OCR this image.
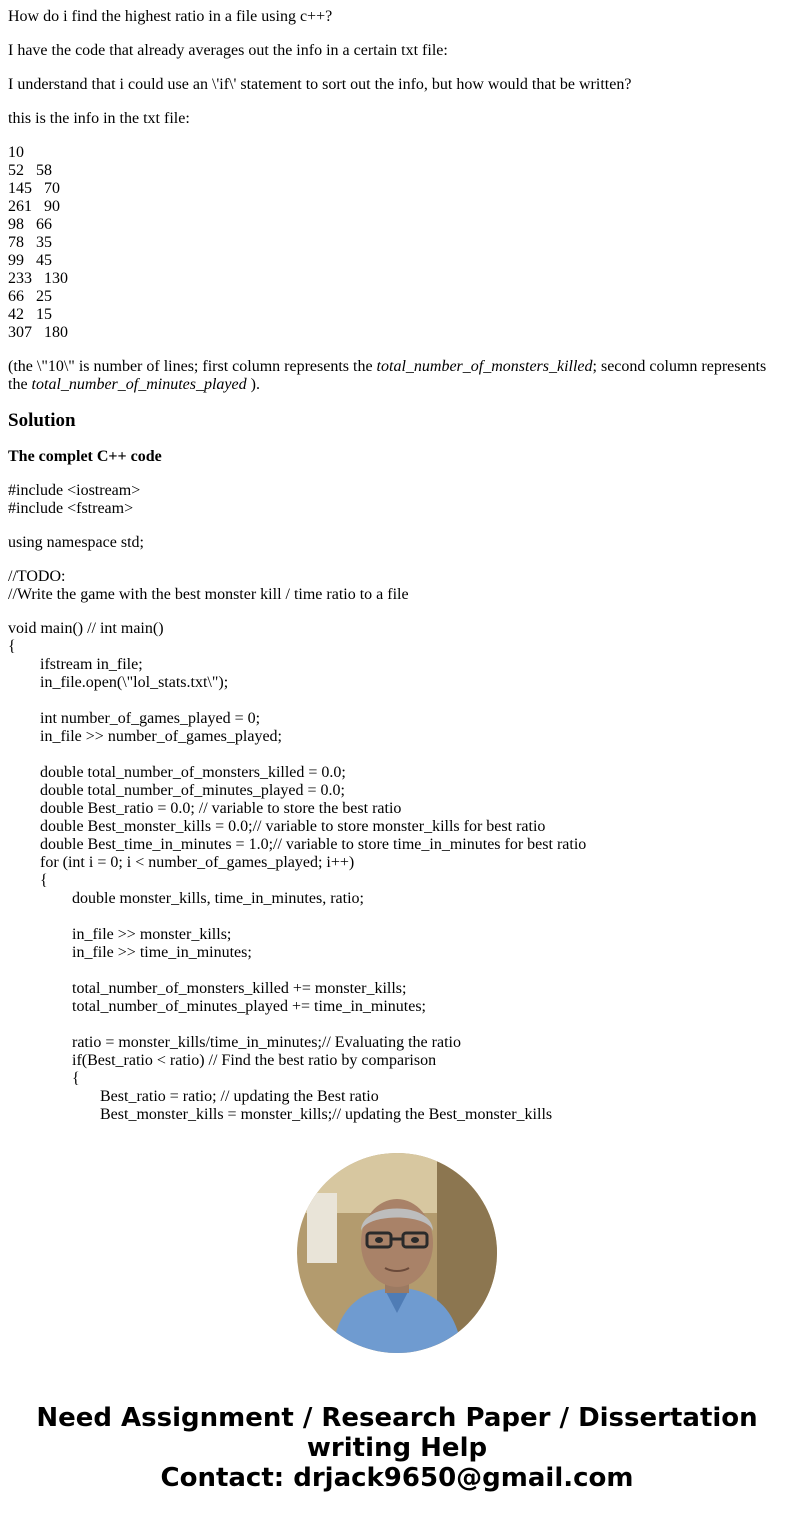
How do i find the highest ratio in a file using c++?

I have the code that already averages out the info in a certain txt file:

I understand that i could use an \'if\' statement to sort out the info, but how would that be written?

this is the info in the txt file:

10
52   58
145   70
261   90
98   66
78   35
99   45
233   130
66   25
42   15
307   180

(the \"10\" is number of lines; first column represents the total_number_of_monsters_killed; second column represents the total_number_of_minutes_played ).

Solution
The complet C++ code
#include <iostream>
#include <fstream>
using namespace std;
//TODO:
//Write the game with the best monster kill / time ratio to a file
void main() // int main()
{
ifstream in_file;
in_file.open(\"lol_stats.txt\");
int number_of_games_played = 0;
in_file >> number_of_games_played;
double total_number_of_monsters_killed = 0.0;
double total_number_of_minutes_played = 0.0;
double Best_ratio = 0.0; // variable to store the best ratio
double Best_monster_kills = 0.0;// variable to store monster_kills for best ratio
double Best_time_in_minutes = 1.0;// variable to store time_in_minutes for best ratio
for (int i = 0; i < number_of_games_played; i++)
{
double monster_kills, time_in_minutes, ratio;
in_file >> monster_kills;
in_file >> time_in_minutes;
total_number_of_monsters_killed += monster_kills;
total_number_of_minutes_played += time_in_minutes;
ratio = monster_kills/time_in_minutes;// Evaluating the ratio
if(Best_ratio < ratio) // Find the best ratio by comparison
{
Best_ratio = ratio; // updating the Best ratio
Best_monster_kills = monster_kills;// updating the Best_monster_kills
Need Assignment / Research Paper / Dissertation
writing Help
Contact: drjack9650@gmail.com
